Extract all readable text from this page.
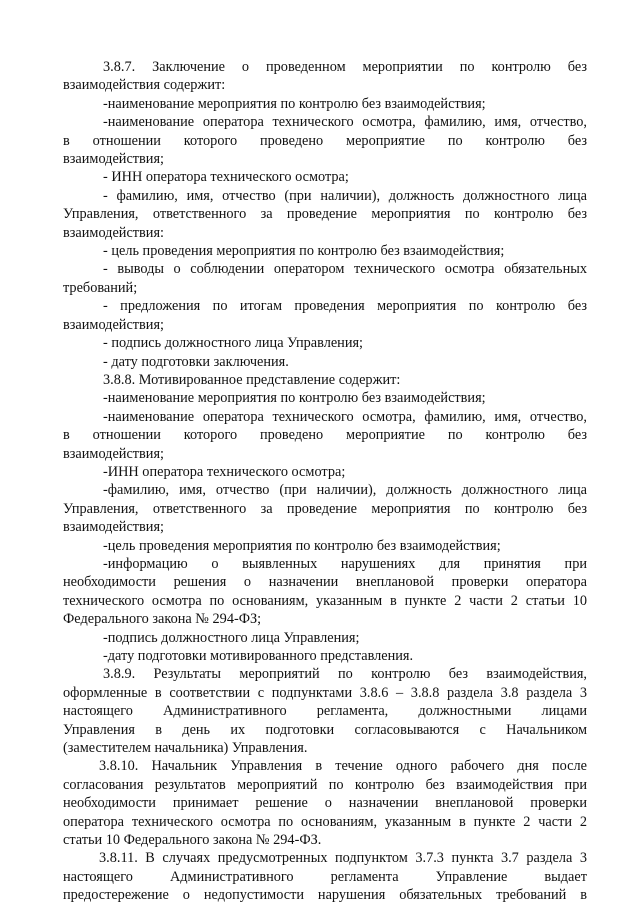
3.8.7. Заключение о проведенном мероприятии по контролю без

взаимодействия содержит:

-наименование мероприятия по контролю без взаимодействия;

-наименование оператора технического осмотра, фамилию, имя, отчество,

в отношении которого проведено мероприятие по контролю без

взаимодействия;

- ИНН оператора технического осмотра;

- фамилию, имя, отчество (при наличии), должность должностного лица

Управления, ответственного за проведение мероприятия по контролю без

взаимодействия:

- цель проведения мероприятия по контролю без взаимодействия;

- выводы о соблюдении оператором технического осмотра обязательных

требований;

- предложения по итогам проведения мероприятия по контролю без

взаимодействия;

- подпись должностного лица Управления;

- дату подготовки заключения.

3.8.8. Мотивированное представление содержит:

-наименование мероприятия по контролю без взаимодействия;

-наименование оператора технического осмотра, фамилию, имя, отчество,

в отношении которого проведено мероприятие по контролю без

взаимодействия;

-ИНН оператора технического осмотра;

-фамилию, имя, отчество (при наличии), должность должностного лица

Управления, ответственного за проведение мероприятия по контролю без

взаимодействия;

-цель проведения мероприятия по контролю без взаимодействия;

-информацию о выявленных нарушениях для принятия при

необходимости решения о назначении внеплановой проверки оператора

технического осмотра по основаниям, указанным в пункте 2 части 2 статьи 10

Федерального закона № 294-ФЗ;

-подпись должностного лица Управления;

-дату подготовки мотивированного представления.

3.8.9. Результаты мероприятий по контролю без взаимодействия,

оформленные в соответствии с подпунктами 3.8.6 – 3.8.8 раздела 3.8 раздела 3

настоящего Административного регламента, должностными лицами

Управления в день их подготовки согласовываются с Начальником

(заместителем начальника) Управления.

3.8.10. Начальник Управления в течение одного рабочего дня после

согласования результатов мероприятий по контролю без взаимодействия при

необходимости принимает решение о назначении внеплановой проверки

оператора технического осмотра по основаниям, указанным в пункте 2 части 2

статьи 10 Федерального закона № 294-ФЗ.

3.8.11. В случаях предусмотренных подпунктом 3.7.3 пункта 3.7 раздела 3

настоящего Административного регламента Управление выдает

предостережение о недопустимости нарушения обязательных требований в
